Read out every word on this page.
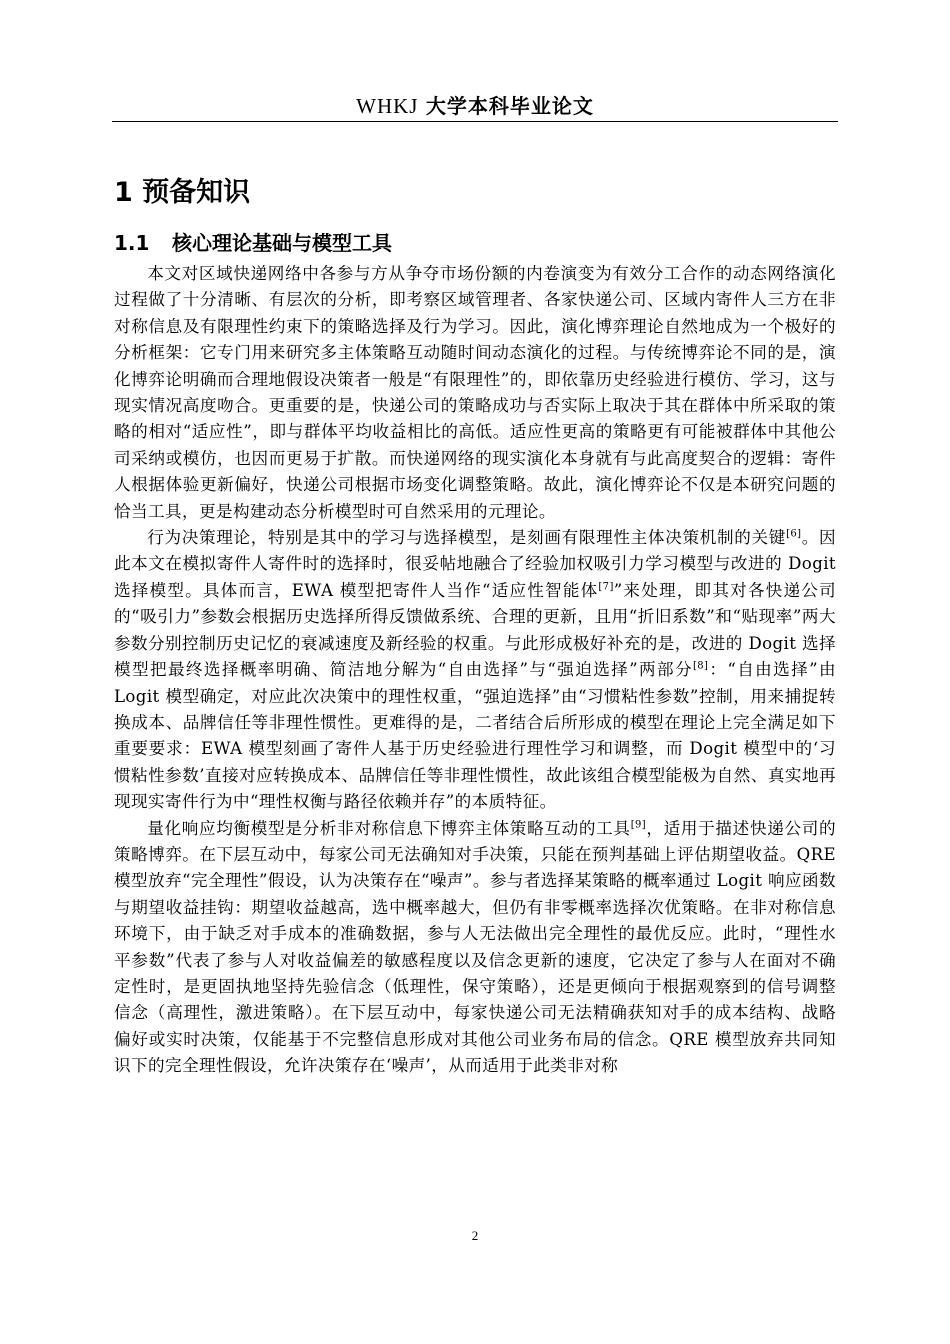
WHKJ 大学本科毕业论文
1 预备知识
1.1 核心理论基础与模型工具

本文对区域快递网络中各参与方从争夺市场份额的内卷演变为有效分工合作的动态网络演化过程做了十分清晰、有层次的分析，即考察区域管理者、各家快递公司、区域内寄件人三方在非对称信息及有限理性约束下的策略选择及行为学习。因此，演化博弈理论自然地成为一个极好的分析框架：它专门用来研究多主体策略互动随时间动态演化的过程。与传统博弈论不同的是，演化博弈论明确而合理地假设决策者一般是“有限理性”的，即依靠历史经验进行模仿、学习，这与现实情况高度吻合。更重要的是，快递公司的策略成功与否实际上取决于其在群体中所采取的策略的相对“适应性”，即与群体平均收益相比的高低。适应性更高的策略更有可能被群体中其他公司采纳或模仿，也因而更易于扩散。而快递网络的现实演化本身就有与此高度契合的逻辑：寄件人根据体验更新偏好，快递公司根据市场变化调整策略。故此，演化博弈论不仅是本研究问题的恰当工具，更是构建动态分析模型时可自然采用的元理论。

行为决策理论，特别是其中的学习与选择模型，是刻画有限理性主体决策机制的关键[6]。因此本文在模拟寄件人寄件时的选择时，很妥帖地融合了经验加权吸引力学习模型与改进的 Dogit 选择模型。具体而言，EWA 模型把寄件人当作“适应性智能体[7]”来处理，即其对各快递公司的“吸引力”参数会根据历史选择所得反馈做系统、合理的更新，且用“折旧系数”和“贴现率”两大参数分别控制历史记忆的衰减速度及新经验的权重。与此形成极好补充的是，改进的 Dogit 选择模型把最终选择概率明确、简洁地分解为“自由选择”与“强迫选择”两部分[8]：“自由选择”由 Logit 模型确定，对应此次决策中的理性权重，“强迫选择”由“习惯粘性参数”控制，用来捕捉转换成本、品牌信任等非理性惯性。更难得的是，二者结合后所形成的模型在理论上完全满足如下重要要求：EWA 模型刻画了寄件人基于历史经验进行理性学习和调整，而 Dogit 模型中的‘习惯粘性参数’直接对应转换成本、品牌信任等非理性惯性，故此该组合模型能极为自然、真实地再现现实寄件行为中“理性权衡与路径依赖并存”的本质特征。

量化响应均衡模型是分析非对称信息下博弈主体策略互动的工具[9]，适用于描述快递公司的策略博弈。在下层互动中，每家公司无法确知对手决策，只能在预判基础上评估期望收益。QRE 模型放弃“完全理性”假设，认为决策存在“噪声”。参与者选择某策略的概率通过 Logit 响应函数与期望收益挂钩：期望收益越高，选中概率越大，但仍有非零概率选择次优策略。在非对称信息环境下，由于缺乏对手成本的准确数据，参与人无法做出完全理性的最优反应。此时，“理性水平参数”代表了参与人对收益偏差的敏感程度以及信念更新的速度，它决定了参与人在面对不确定性时，是更固执地坚持先验信念（低理性，保守策略），还是更倾向于根据观察到的信号调整信念（高理性，激进策略）。在下层互动中，每家快递公司无法精确获知对手的成本结构、战略偏好或实时决策，仅能基于不完整信息形成对其他公司业务布局的信念。QRE 模型放弃共同知识下的完全理性假设，允许决策存在‘噪声’，从而适用于此类非对称

2
